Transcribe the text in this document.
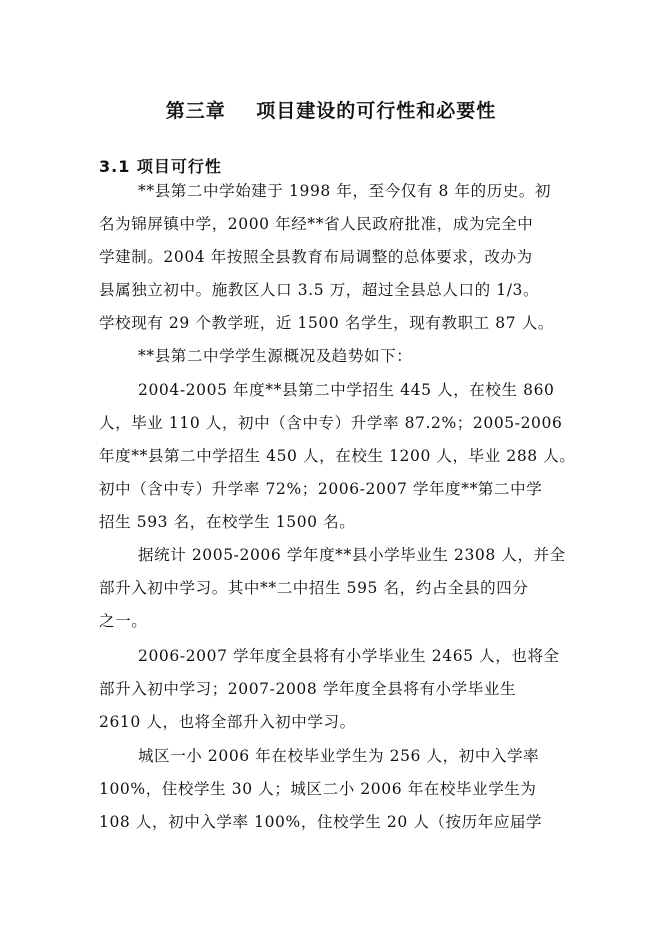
第三章    项目建设的可行性和必要性
3.1 项目可行性
**县第二中学始建于 1998 年，至今仅有 8 年的历史。初
名为锦屏镇中学，2000 年经**省人民政府批准，成为完全中
学建制。2004 年按照全县教育布局调整的总体要求，改办为
县属独立初中。施教区人口 3.5 万，超过全县总人口的 1/3。
学校现有 29 个教学班，近 1500 名学生，现有教职工 87 人。
**县第二中学学生源概况及趋势如下：
2004-2005 年度**县第二中学招生 445 人，在校生 860
人，毕业 110 人，初中（含中专）升学率 87.2%；2005-2006
年度**县第二中学招生 450 人，在校生 1200 人，毕业 288 人。
初中（含中专）升学率 72%；2006-2007 学年度**第二中学
招生 593 名，在校学生 1500 名。
据统计 2005-2006 学年度**县小学毕业生 2308 人，并全
部升入初中学习。其中**二中招生 595 名，约占全县的四分
之一。
2006-2007 学年度全县将有小学毕业生 2465 人，也将全
部升入初中学习；2007-2008 学年度全县将有小学毕业生
2610 人，也将全部升入初中学习。
城区一小 2006 年在校毕业学生为 256 人，初中入学率
100%，住校学生 30 人；城区二小 2006 年在校毕业学生为
108 人，初中入学率 100%，住校学生 20 人（按历年应届学
